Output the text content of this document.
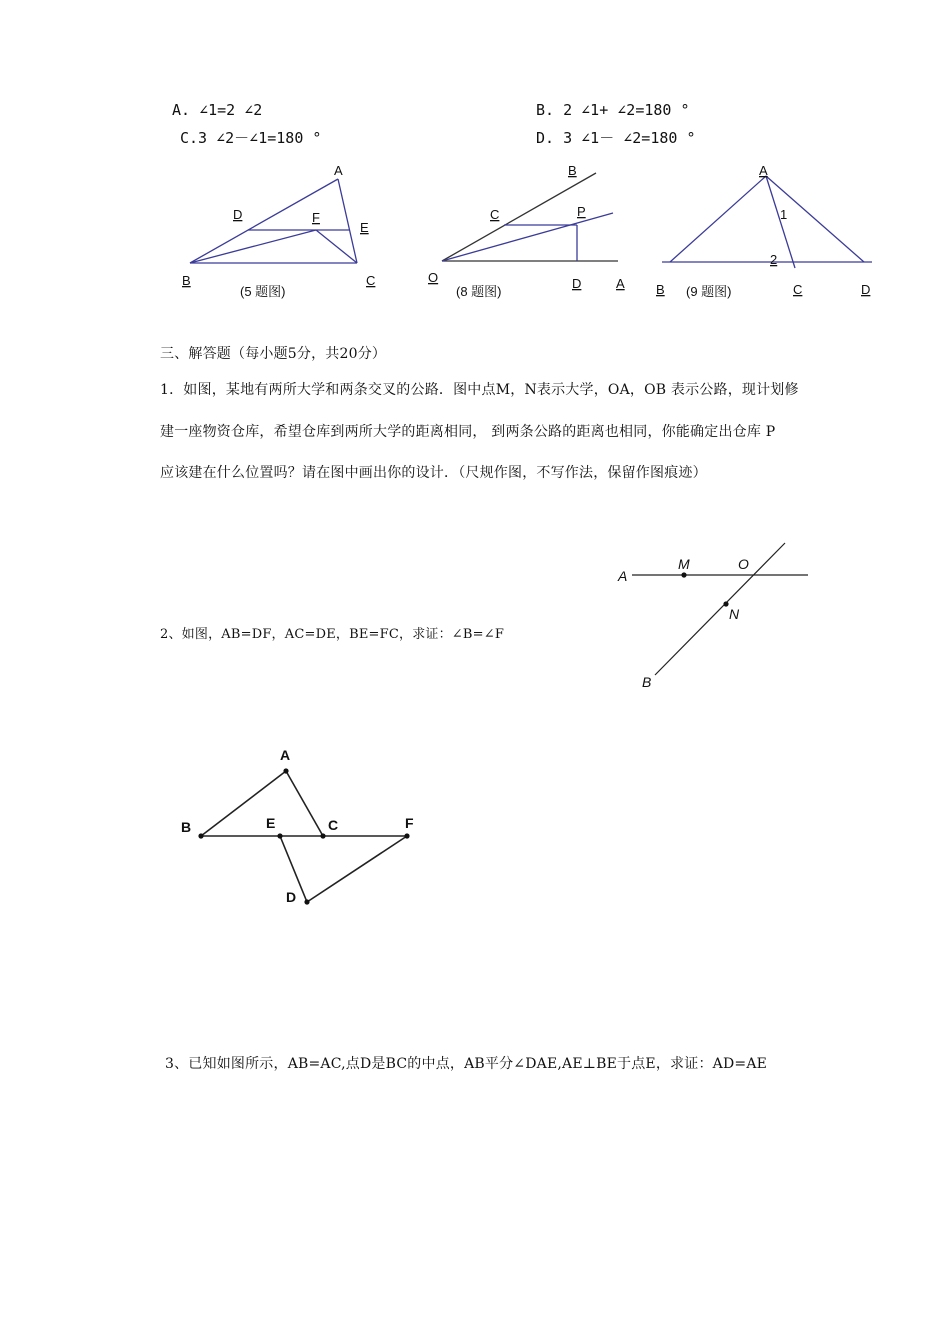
A. ∠1=2 ∠2	B. 2 ∠1+ ∠2=180 °
C.3 ∠2－∠1=180 °	D. 3 ∠1－ ∠2=180 °
A
D	F
E
B	C
(5 题图)
B
C	P
O	D	A
(8 题图)
A
1
2
B	C	D
(9 题图)
三、解答题（每小题5分，共20分）
1．如图，某地有两所大学和两条交叉的公路．图中点M，N表示大学，OA，OB 表示公路，现计划修
建一座物资仓库，希望仓库到两所大学的距离相同， 到两条公路的距离也相同，你能确定出仓库 P
应该建在什么位置吗？请在图中画出你的设计．（尺规作图，不写作法，保留作图痕迹）
A
M	O
N
B
2、如图，AB=DF，AC=DE，BE=FC，求证：∠B=∠F
A
B	E	C	F
D
3、已知如图所示，AB=AC,点D是BC的中点，AB平分∠DAE,AE⊥BE于点E，求证：AD=AE
